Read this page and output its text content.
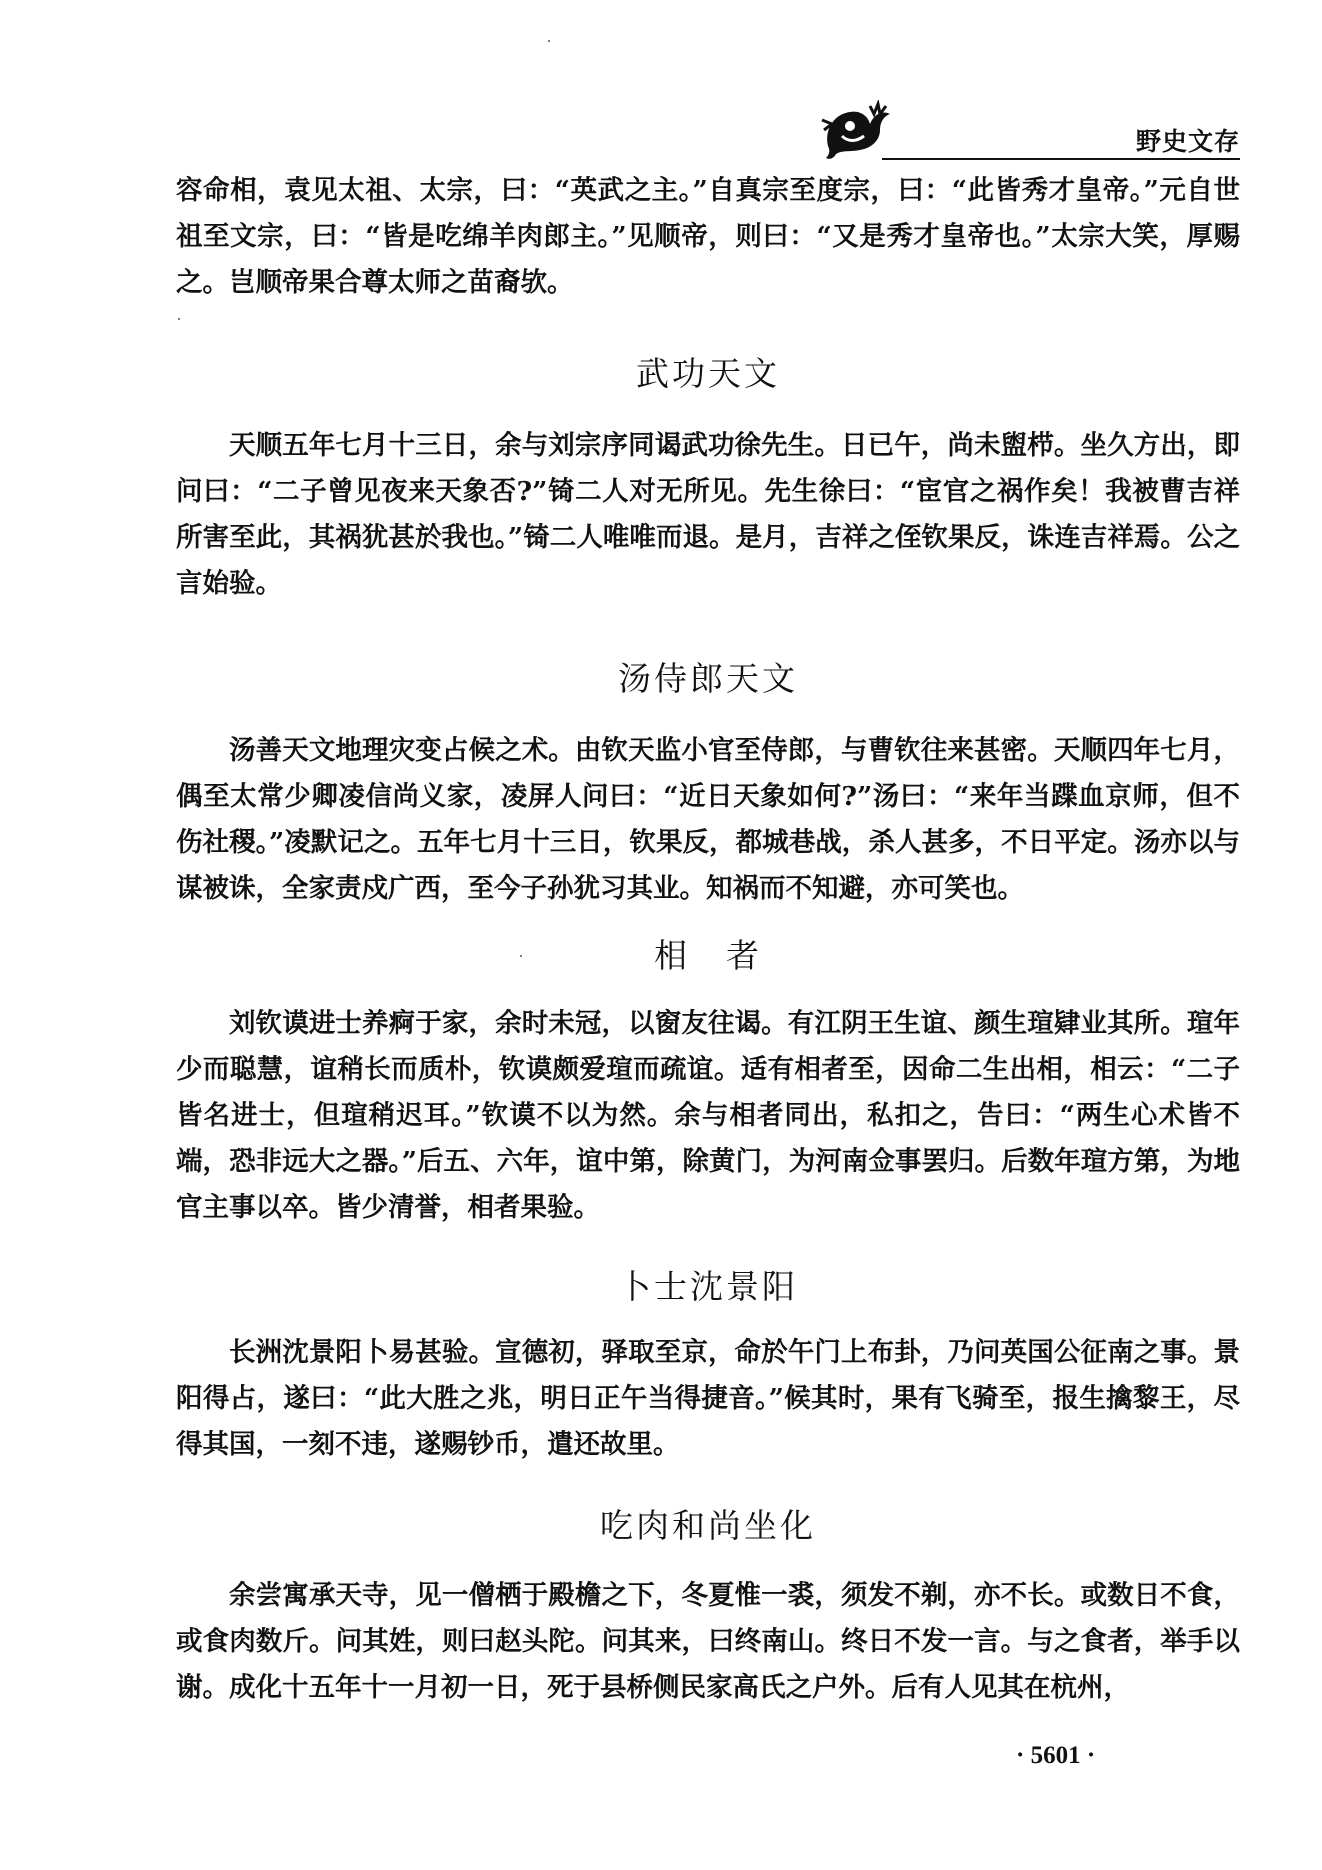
野史文存

容命相，袁见太祖、太宗，曰：“英武之主。”自真宗至度宗，曰：“此皆秀才皇帝。”元自世祖至文宗，曰：“皆是吃绵羊肉郎主。”见顺帝，则曰：“又是秀才皇帝也。”太宗大笑，厚赐之。岂顺帝果合尊太师之苗裔欤。

武功天文

天顺五年七月十三日，余与刘宗序同谒武功徐先生。日已午，尚未盥栉。坐久方出，即问曰：“二子曾见夜来天象否?”锜二人对无所见。先生徐曰：“宦官之祸作矣！我被曹吉祥所害至此，其祸犹甚於我也。”锜二人唯唯而退。是月，吉祥之侄钦果反，诛连吉祥焉。公之言始验。

汤侍郎天文

汤善天文地理灾变占候之术。由钦天监小官至侍郎，与曹钦往来甚密。天顺四年七月，偶至太常少卿凌信尚义家，凌屏人问曰：“近日天象如何?”汤曰：“来年当蹀血京师，但不伤社稷。”凌默记之。五年七月十三日，钦果反，都城巷战，杀人甚多，不日平定。汤亦以与谋被诛，全家责戍广西，至今子孙犹习其业。知祸而不知避，亦可笑也。

相　者

刘钦谟进士养痾于家，余时未冠，以窗友往谒。有江阴王生谊、颜生瑄肄业其所。瑄年少而聪慧，谊稍长而质朴，钦谟颇爱瑄而疏谊。适有相者至，因命二生出相，相云：“二子皆名进士，但瑄稍迟耳。”钦谟不以为然。余与相者同出，私扣之，告曰：“两生心术皆不端，恐非远大之器。”后五、六年，谊中第，除黄门，为河南佥事罢归。后数年瑄方第，为地官主事以卒。皆少清誉，相者果验。

卜士沈景阳

长洲沈景阳卜易甚验。宣德初，驿取至京，命於午门上布卦，乃问英国公征南之事。景阳得占，遂曰：“此大胜之兆，明日正午当得捷音。”候其时，果有飞骑至，报生擒黎王，尽得其国，一刻不违，遂赐钞币，遣还故里。

吃肉和尚坐化

余尝寓承天寺，见一僧栖于殿檐之下，冬夏惟一裘，须发不剃，亦不长。或数日不食，或食肉数斤。问其姓，则曰赵头陀。问其来，曰终南山。终日不发一言。与之食者，举手以谢。成化十五年十一月初一日，死于县桥侧民家高氏之户外。后有人见其在杭州，

· 5601 ·
